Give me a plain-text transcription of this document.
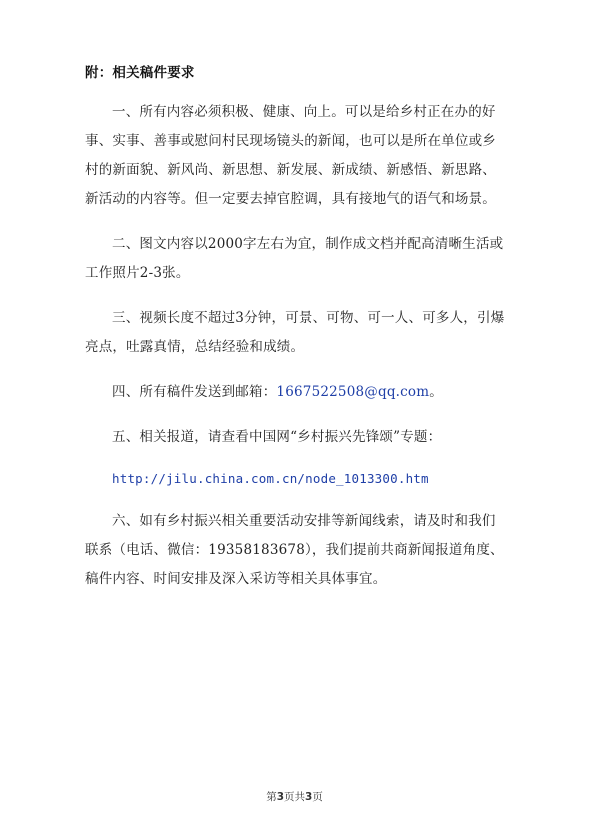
附：相关稿件要求

一、所有内容必须积极、健康、向上。可以是给乡村正在办的好事、实事、善事或慰问村民现场镜头的新闻，也可以是所在单位或乡村的新面貌、新风尚、新思想、新发展、新成绩、新感悟、新思路、新活动的内容等。但一定要去掉官腔调，具有接地气的语气和场景。

二、图文内容以2000字左右为宜，制作成文档并配高清晰生活或工作照片2-3张。

三、视频长度不超过3分钟，可景、可物、可一人、可多人，引爆亮点，吐露真情，总结经验和成绩。

四、所有稿件发送到邮箱：1667522508@qq.com。

五、相关报道，请查看中国网“乡村振兴先锋颂”专题：

http://jilu.china.com.cn/node_1013300.htm

六、如有乡村振兴相关重要活动安排等新闻线索，请及时和我们联系（电话、微信：19358183678），我们提前共商新闻报道角度、稿件内容、时间安排及深入采访等相关具体事宜。

第3页共3页
